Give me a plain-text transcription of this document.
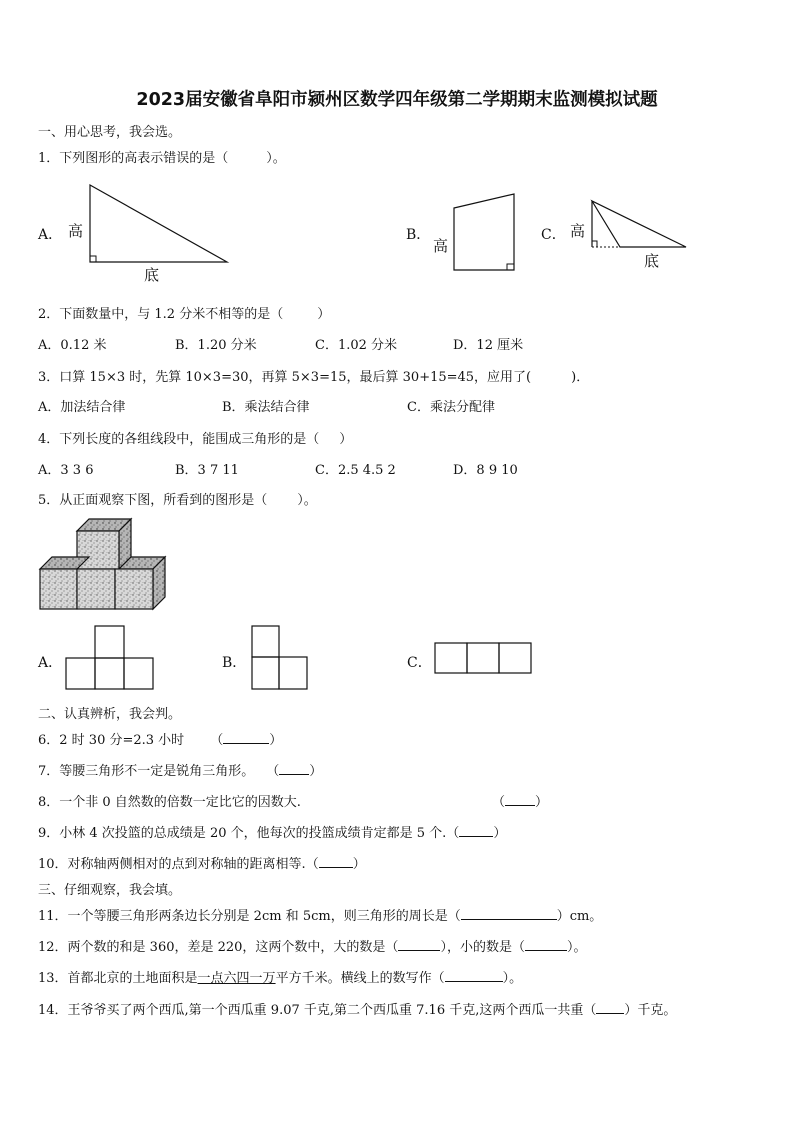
2023届安徽省阜阳市颍州区数学四年级第二学期期末监测模拟试题
一、用心思考，我会选。
1．下列图形的高表示错误的是（	）。
A．	B．	C．
高
底
高
高
底
2．下面数量中，与 1.2 分米不相等的是（	）
A．0.12 米	B．1.20 分米	C．1.02 分米	D．12 厘米
3．口算 15×3 时，先算 10×3=30，再算 5×3=15，最后算 30+15=45，应用了(	)．
A．加法结合律	B．乘法结合律	C．乘法分配律
4．下列长度的各组线段中，能围成三角形的是（ ）
A．3 3 6	B．3 7 11	C．2.5 4.5 2	D．8 9 10
5．从正面观察下图，所看到的图形是（ ）。
A．	B．	C．
二、认真辨析，我会判。
6．2 时 30 分=2.3 小时 （	）
7．等腰三角形不一定是锐角三角形。 （ ）
8．一个非 0 自然数的倍数一定比它的因数大.	（ ）
9．小林 4 次投篮的总成绩是 20 个，他每次的投篮成绩肯定都是 5 个.（	）
10．对称轴两侧相对的点到对称轴的距离相等.（	）
三、仔细观察，我会填。
11．一个等腰三角形两条边长分别是 2cm 和 5cm，则三角形的周长是（	）cm。
12．两个数的和是 360，差是 220，这两个数中，大的数是（	），小的数是（	）。
13．首都北京的土地面积是一点六四一万平方千米。横线上的数写作（	）。
14．王爷爷买了两个西瓜,第一个西瓜重 9.07 千克,第二个西瓜重 7.16 千克,这两个西瓜一共重（ ）千克。
